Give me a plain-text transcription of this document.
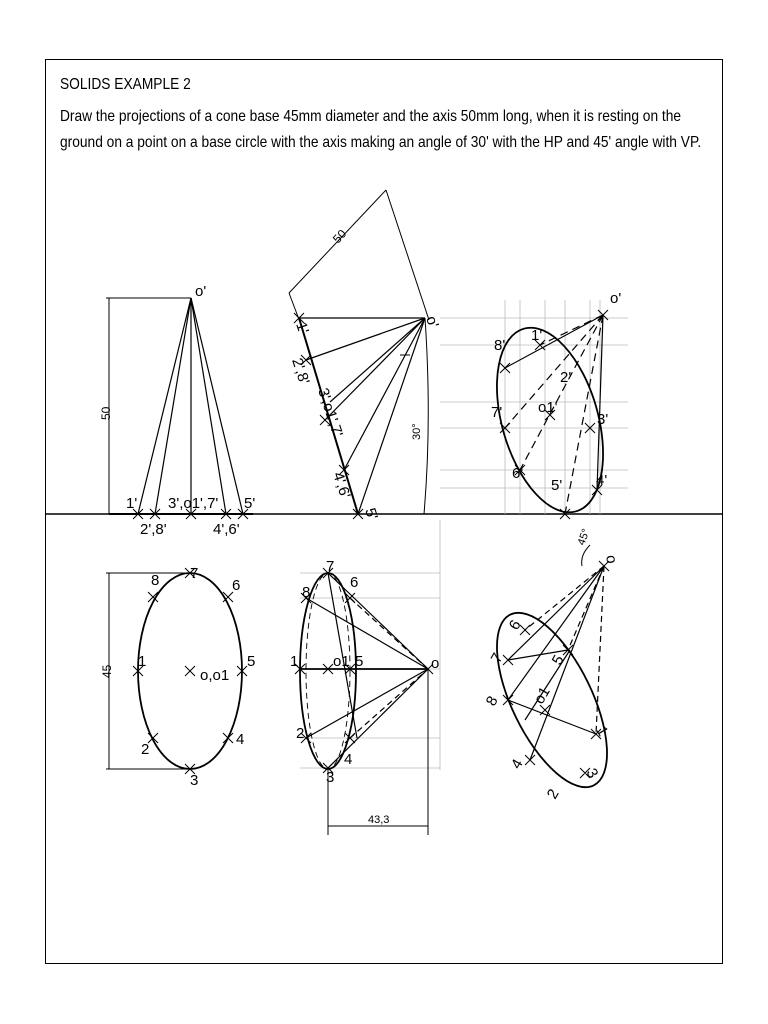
SOLIDS EXAMPLE 2
Draw the projections of a cone base 45mm diameter and the axis 50mm long, when it is resting on the ground on a point on a base circle with the axis making an angle of 30' with the HP and 45' angle with VP.
o'
1' 3',o1',7' 5'
2',8'	4',6'
50
o'
1'
2',8'
3',o1',7'
4',6'
5'
50
30°
o'
1'
8'
2'
7' o1'
3'
6'
5' 4'
7
8	6
1
o,o1
5
2
4
3
45
7
8
6
1 o1 5	o
2
3
4
43,3
o
6
7	5
8 o1
1
4
2
3
45°
